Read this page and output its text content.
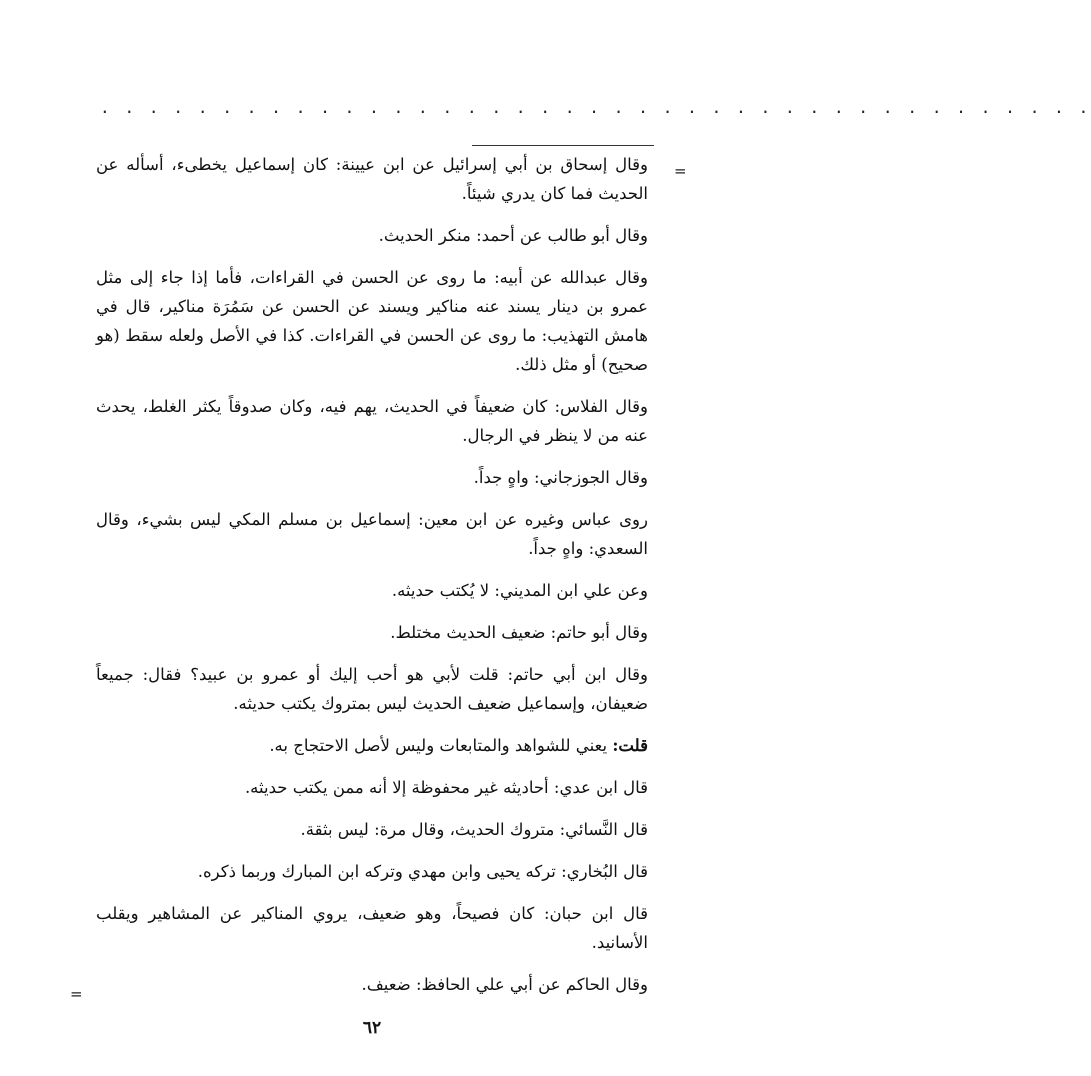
. . . . . . . . . . . . . . . . . . . . . . . . . . . . . . . . . . . . . . . . .
=
=

وقال إسحاق بن أبي إسرائيل عن ابن عيينة: كان إسماعيل يخطىء، أسأله عن الحديث فما كان يدري شيئاً.

وقال أبو طالب عن أحمد: منكر الحديث.

وقال عبدالله عن أبيه: ما روى عن الحسن في القراءات، فأما إذا جاء إلى مثل عمرو بن دينار يسند عنه مناكير ويسند عن الحسن عن سَمُرَة مناكير، قال في هامش التهذيب: ما روى عن الحسن في القراءات. كذا في الأصل ولعله سقط (هو صحيح) أو مثل ذلك.

وقال الفلاس: كان ضعيفاً في الحديث، يهم فيه، وكان صدوقاً يكثر الغلط، يحدث عنه من لا ينظر في الرجال.

وقال الجوزجاني: واهٍ جداً.

روى عباس وغيره عن ابن معين: إسماعيل بن مسلم المكي ليس بشيء، وقال السعدي: واهٍ جداً.

وعن علي ابن المديني: لا يُكتب حديثه.

وقال أبو حاتم: ضعيف الحديث مختلط.

وقال ابن أبي حاتم: قلت لأبي هو أحب إليك أو عمرو بن عبيد؟ فقال: جميعاً ضعيفان، وإسماعيل ضعيف الحديث ليس بمتروك يكتب حديثه.

قلت: يعني للشواهد والمتابعات وليس لأصل الاحتجاج به.

قال ابن عدي: أحاديثه غير محفوظة إلا أنه ممن يكتب حديثه.

قال النَّسائي: متروك الحديث، وقال مرة: ليس بثقة.

قال البُخاري: تركه يحيى وابن مهدي وتركه ابن المبارك وربما ذكره.

قال ابن حبان: كان فصيحاً، وهو ضعيف، يروي المناكير عن المشاهير ويقلب الأسانيد.

وقال الحاكم عن أبي علي الحافظ: ضعيف.

٦٢
